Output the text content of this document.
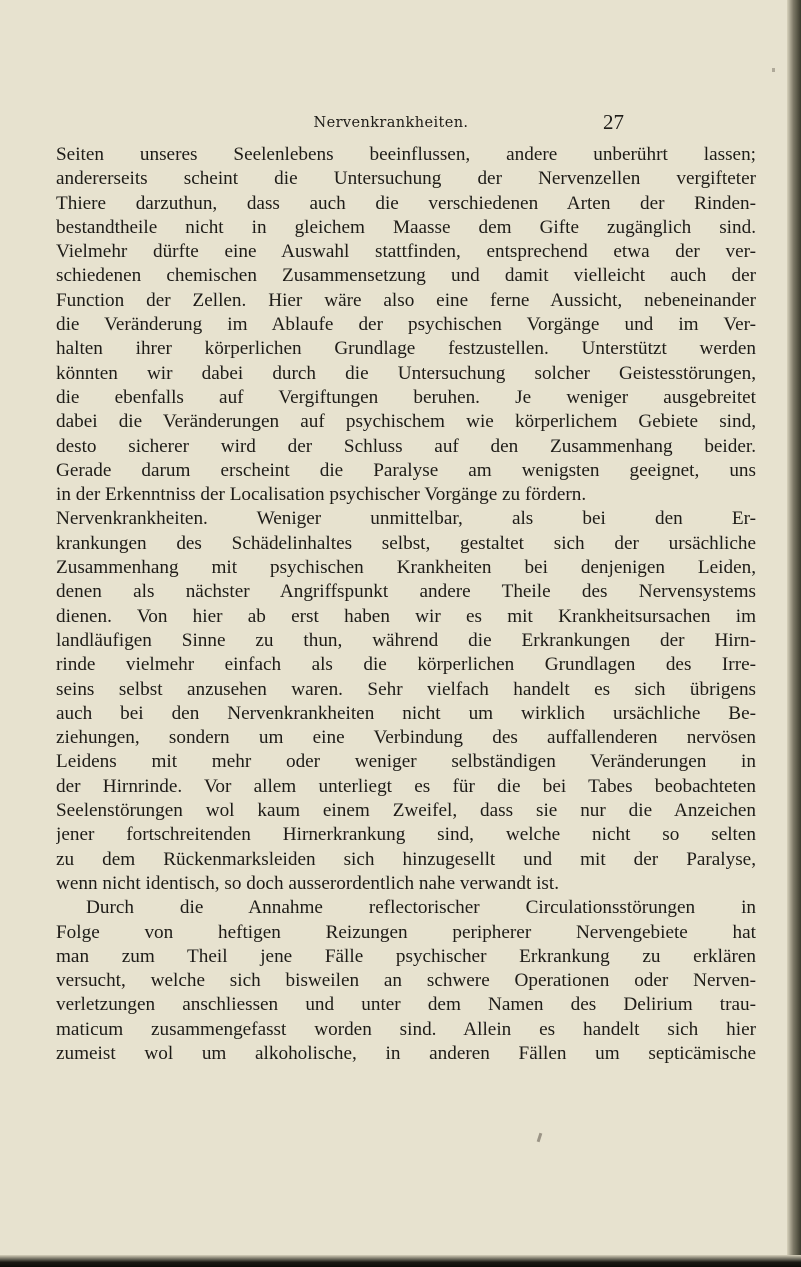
Nervenkrankheiten.	27
Seiten unseres Seelenlebens beeinflussen, andere unberührt lassen;
andererseits scheint die Untersuchung der Nervenzellen vergifteter
Thiere darzuthun, dass auch die verschiedenen Arten der Rinden-
bestandtheile nicht in gleichem Maasse dem Gifte zugänglich sind.
Vielmehr dürfte eine Auswahl stattfinden, entsprechend etwa der ver-
schiedenen chemischen Zusammensetzung und damit vielleicht auch der
Function der Zellen. Hier wäre also eine ferne Aussicht, nebeneinander
die Veränderung im Ablaufe der psychischen Vorgänge und im Ver-
halten ihrer körperlichen Grundlage festzustellen. Unterstützt werden
könnten wir dabei durch die Untersuchung solcher Geistesstörungen,
die ebenfalls auf Vergiftungen beruhen. Je weniger ausgebreitet
dabei die Veränderungen auf psychischem wie körperlichem Gebiete sind,
desto sicherer wird der Schluss auf den Zusammenhang beider.
Gerade darum erscheint die Paralyse am wenigsten geeignet, uns
in der Erkenntniss der Localisation psychischer Vorgänge zu fördern.
Nervenkrankheiten. Weniger unmittelbar, als bei den Er-
krankungen des Schädelinhaltes selbst, gestaltet sich der ursächliche
Zusammenhang mit psychischen Krankheiten bei denjenigen Leiden,
denen als nächster Angriffspunkt andere Theile des Nervensystems
dienen. Von hier ab erst haben wir es mit Krankheitsursachen im
landläufigen Sinne zu thun, während die Erkrankungen der Hirn-
rinde vielmehr einfach als die körperlichen Grundlagen des Irre-
seins selbst anzusehen waren. Sehr vielfach handelt es sich übrigens
auch bei den Nervenkrankheiten nicht um wirklich ursächliche Be-
ziehungen, sondern um eine Verbindung des auffallenderen nervösen
Leidens mit mehr oder weniger selbständigen Veränderungen in
der Hirnrinde. Vor allem unterliegt es für die bei Tabes beobachteten
Seelenstörungen wol kaum einem Zweifel, dass sie nur die Anzeichen
jener fortschreitenden Hirnerkrankung sind, welche nicht so selten
zu dem Rückenmarksleiden sich hinzugesellt und mit der Paralyse,
wenn nicht identisch, so doch ausserordentlich nahe verwandt ist.
Durch die Annahme reflectorischer Circulationsstörungen in
Folge von heftigen Reizungen peripherer Nervengebiete hat
man zum Theil jene Fälle psychischer Erkrankung zu erklären
versucht, welche sich bisweilen an schwere Operationen oder Nerven-
verletzungen anschliessen und unter dem Namen des Delirium trau-
maticum zusammengefasst worden sind. Allein es handelt sich hier
zumeist wol um alkoholische, in anderen Fällen um septicämische
